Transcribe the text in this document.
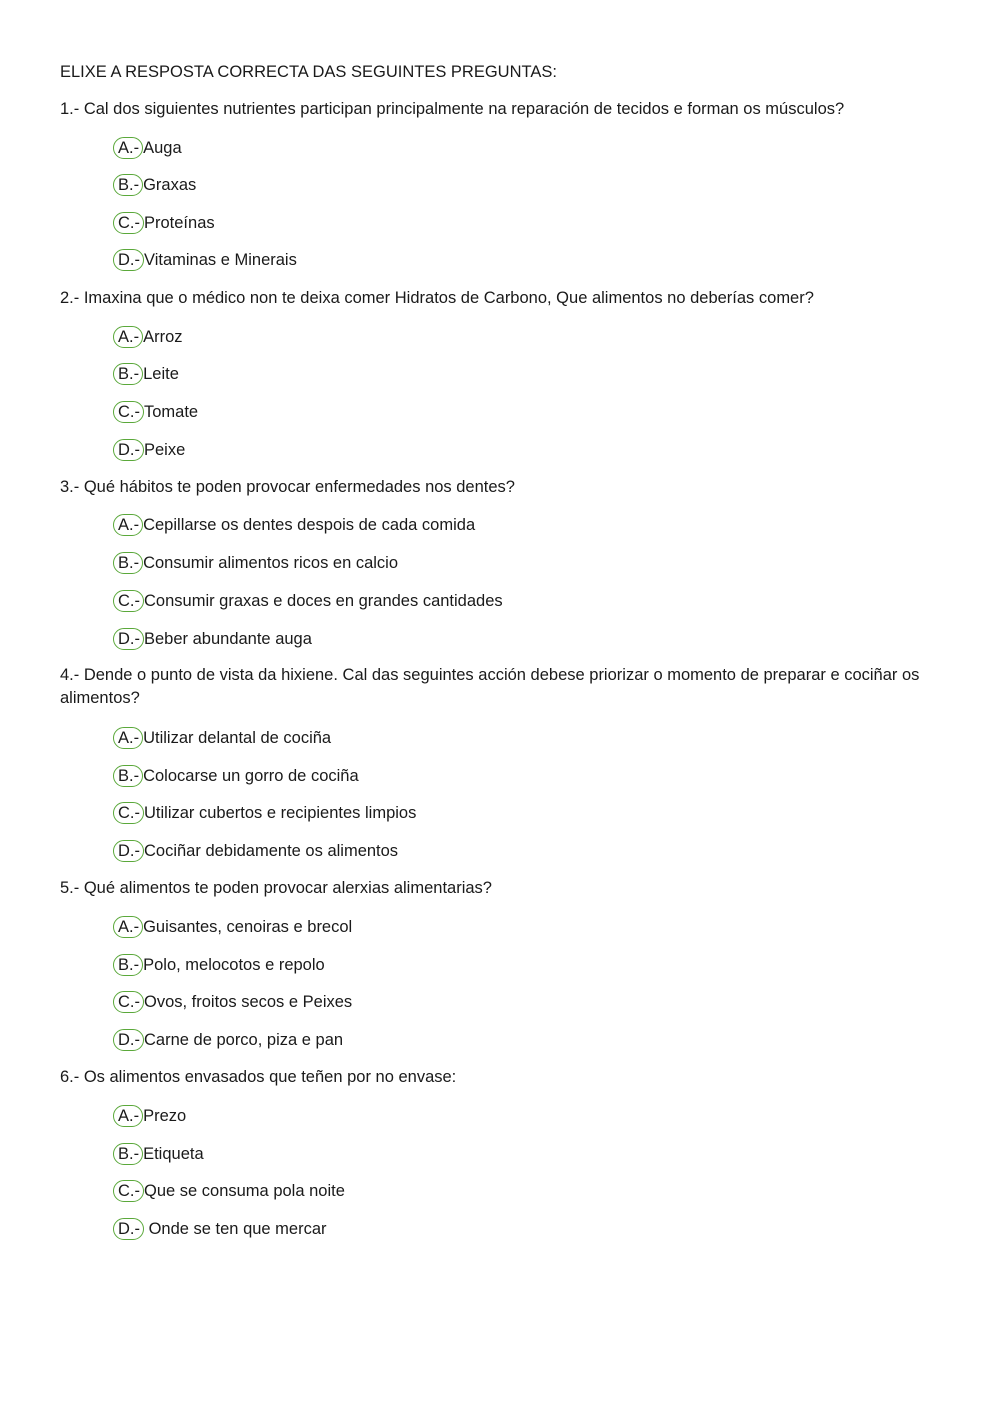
ELIXE A RESPOSTA CORRECTA DAS SEGUINTES PREGUNTAS:

1.- Cal dos siguientes nutrientes participan principalmente na reparación de tecidos e forman os músculos?

A.- Auga
B.- Graxas
C.- Proteínas
D.- Vitaminas e Minerais

2.- Imaxina que o médico non te deixa comer Hidratos de Carbono, Que alimentos no deberías comer?

A.- Arroz
B.- Leite
C.- Tomate
D.- Peixe

3.- Qué hábitos te poden provocar enfermedades nos dentes?

A.- Cepillarse os dentes despois de cada comida
B.- Consumir alimentos ricos en calcio
C.- Consumir graxas e doces en grandes cantidades
D.- Beber abundante auga

4.- Dende o punto de vista da hixiene. Cal das seguintes acción debese priorizar o momento de preparar e cociñar os alimentos?

A.- Utilizar delantal de cociña
B.- Colocarse un gorro de cociña
C.- Utilizar cubertos e recipientes limpios
D.- Cociñar debidamente os alimentos

5.- Qué alimentos te poden provocar alerxias alimentarias?

A.- Guisantes, cenoiras e brecol
B.- Polo, melocotos e repolo
C.- Ovos, froitos secos e Peixes
D.- Carne de porco, piza e pan

6.- Os alimentos envasados que teñen por no envase:

A.- Prezo
B.- Etiqueta
C.- Que se consuma pola noite
D.- Onde se ten que mercar
